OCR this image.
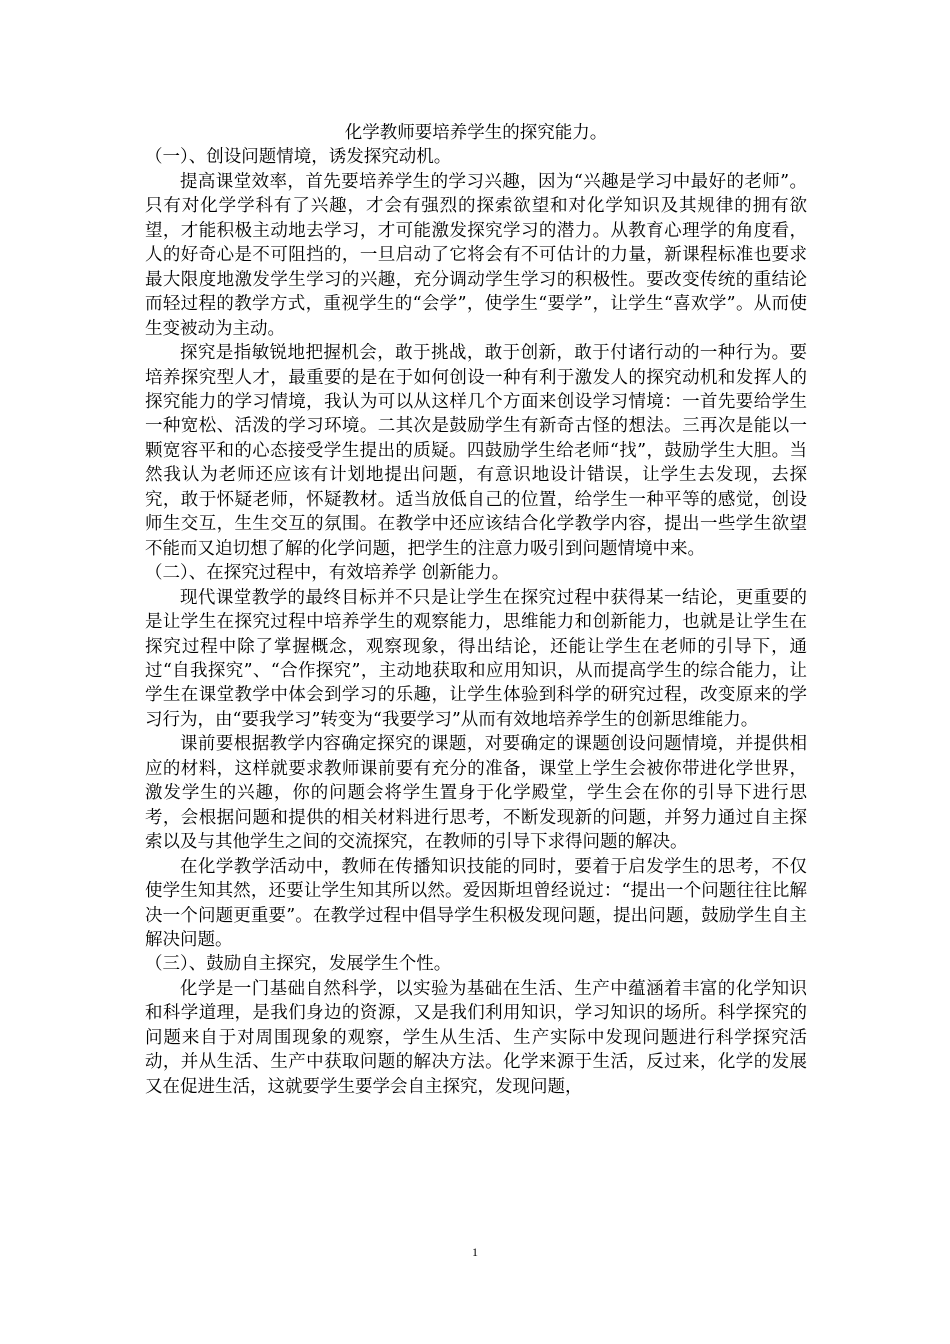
化学教师要培养学生的探究能力。

（一）、创设问题情境，诱发探究动机。

提高课堂效率，首先要培养学生的学习兴趣，因为“兴趣是学习中最好的老师”。只有对化学学科有了兴趣，才会有强烈的探索欲望和对化学知识及其规律的拥有欲望，才能积极主动地去学习，才可能激发探究学习的潜力。从教育心理学的角度看，人的好奇心是不可阻挡的，一旦启动了它将会有不可估计的力量，新课程标准也要求最大限度地激发学生学习的兴趣，充分调动学生学习的积极性。要改变传统的重结论而轻过程的教学方式，重视学生的“会学”，使学生“要学”，让学生“喜欢学”。从而使 生变被动为主动。

探究是指敏锐地把握机会，敢于挑战，敢于创新，敢于付诸行动的一种行为。要培养探究型人才，最重要的是在于如何创设一种有利于激发人的探究动机和发挥人的探究能力的学习情境，我认为可以从这样几个方面来创设学习情境：一首先要给学生一种宽松、活泼的学习环境。二其次是鼓励学生有新奇古怪的想法。三再次是能以一颗宽容平和的心态接受学生提出的质疑。四鼓励学生给老师“找”，鼓励学生大胆。当然我认为老师还应该有计划地提出问题，有意识地设计错误，让学生去发现，去探究，敢于怀疑老师，怀疑教材。适当放低自己的位置，给学生一种平等的感觉，创设师生交互，生生交互的氛围。在教学中还应该结合化学教学内容，提出一些学生欲望不能而又迫切想了解的化学问题，把学生的注意力吸引到问题情境中来。

（二）、在探究过程中，有效培养学 创新能力。

现代课堂教学的最终目标并不只是让学生在探究过程中获得某一结论，更重要的是让学生在探究过程中培养学生的观察能力，思维能力和创新能力，也就是让学生在探究过程中除了掌握概念，观察现象，得出结论，还能让学生在老师的引导下，通过“自我探究”、“合作探究”，主动地获取和应用知识，从而提高学生的综合能力，让学生在课堂教学中体会到学习的乐趣，让学生体验到科学的研究过程，改变原来的学习行为，由“要我学习”转变为“我要学习”从而有效地培养学生的创新思维能力。

课前要根据教学内容确定探究的课题，对要确定的课题创设问题情境，并提供相应的材料，这样就要求教师课前要有充分的准备，课堂上学生会被你带进化学世界，激发学生的兴趣，你的问题会将学生置身于化学殿堂，学生会在你的引导下进行思考，会根据问题和提供的相关材料进行思考，不断发现新的问题，并努力通过自主探索以及与其他学生之间的交流探究，在教师的引导下求得问题的解决。

在化学教学活动中，教师在传播知识技能的同时，要着于启发学生的思考，不仅使学生知其然，还要让学生知其所以然。爱因斯坦曾经说过：“提出一个问题往往比解决一个问题更重要”。在教学过程中倡导学生积极发现问题，提出问题，鼓励学生自主解决问题。

（三）、鼓励自主探究，发展学生个性。

化学是一门基础自然科学，以实验为基础在生活、生产中蕴涵着丰富的化学知识和科学道理，是我们身边的资源，又是我们利用知识，学习知识的场所。科学探究的问题来自于对周围现象的观察，学生从生活、生产实际中发现问题进行科学探究活动，并从生活、生产中获取问题的解决方法。化学来源于生活，反过来，化学的发展又在促进生活，这就要学生要学会自主探究，发现问题，

1
